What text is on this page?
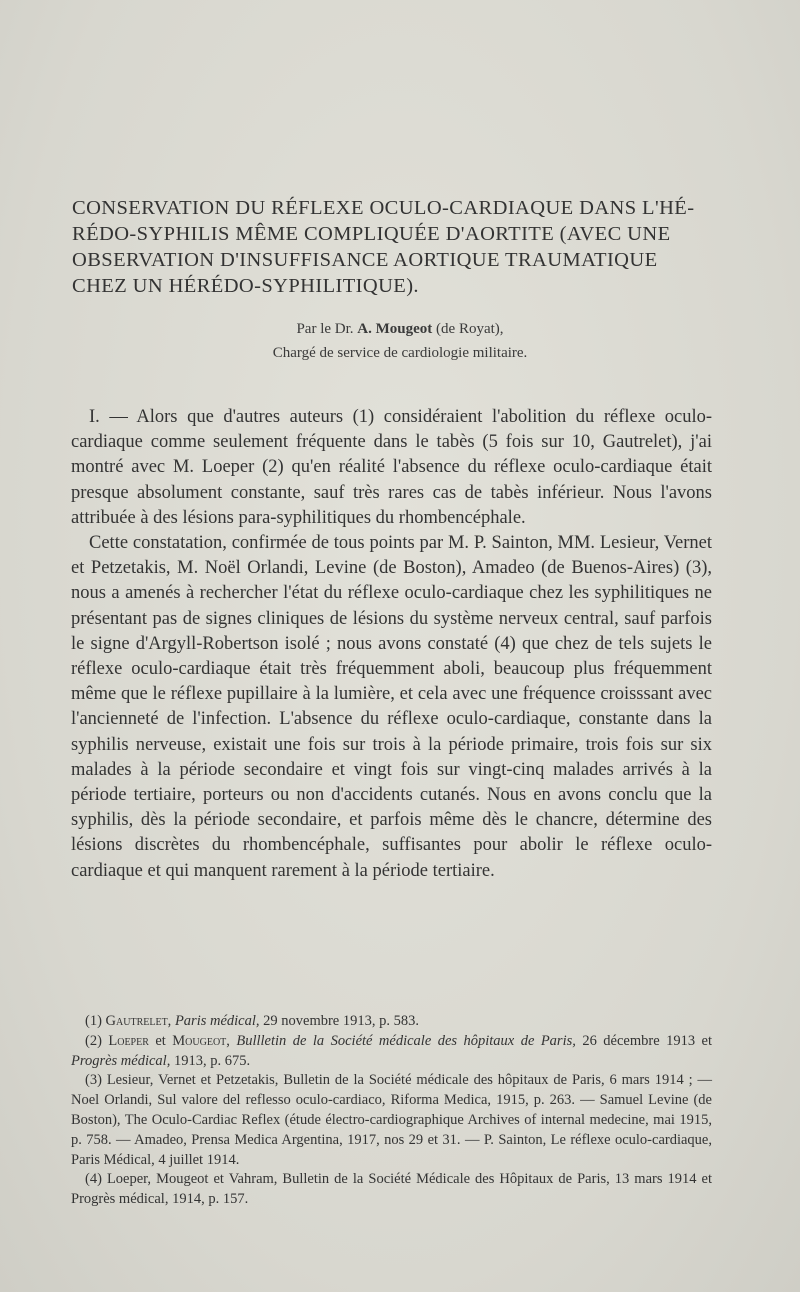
CONSERVATION DU RÉFLEXE OCULO-CARDIAQUE DANS L'HÉ-
RÉDO-SYPHILIS MÊME COMPLIQUÉE D'AORTITE (AVEC UNE
OBSERVATION D'INSUFFISANCE AORTIQUE TRAUMATIQUE
CHEZ UN HÉRÉDO-SYPHILITIQUE).
Par le Dr. A. Mougeot (de Royat),
Chargé de service de cardiologie militaire.

I. — Alors que d'autres auteurs (1) considéraient l'abolition du réflexe oculo-cardiaque comme seulement fréquente dans le tabès (5 fois sur 10, Gautrelet), j'ai montré avec M. Loeper (2) qu'en réalité l'absence du réflexe oculo-cardiaque était presque absolument constante, sauf très rares cas de tabès inférieur. Nous l'avons attribuée à des lésions para-syphilitiques du rhombencéphale.

Cette constatation, confirmée de tous points par M. P. Sainton, MM. Lesieur, Vernet et Petzetakis, M. Noël Orlandi, Levine (de Boston), Amadeo (de Buenos-Aires) (3), nous a amenés à rechercher l'état du réflexe oculo-cardiaque chez les syphilitiques ne présentant pas de signes cliniques de lésions du système nerveux central, sauf parfois le signe d'Argyll-Robertson isolé ; nous avons constaté (4) que chez de tels sujets le réflexe oculo-cardiaque était très fréquemment aboli, beaucoup plus fréquemment même que le réflexe pupillaire à la lumière, et cela avec une fréquence croisssant avec l'ancienneté de l'infection. L'absence du réflexe oculo-cardiaque, constante dans la syphilis nerveuse, existait une fois sur trois à la période primaire, trois fois sur six malades à la période secondaire et vingt fois sur vingt-cinq malades arrivés à la période tertiaire, porteurs ou non d'accidents cutanés. Nous en avons conclu que la syphilis, dès la période secondaire, et parfois même dès le chancre, détermine des lésions discrètes du rhombencéphale, suffisantes pour abolir le réflexe oculo-cardiaque et qui manquent rarement à la période tertiaire.

(1) Gautrelet, Paris médical, 29 novembre 1913, p. 583.

(2) Loeper et Mougeot, Bullletin de la Société médicale des hôpitaux de Paris, 26 décembre 1913 et Progrès médical, 1913, p. 675.

(3) Lesieur, Vernet et Petzetakis, Bulletin de la Société médicale des hôpitaux de Paris, 6 mars 1914 ; — Noel Orlandi, Sul valore del reflesso oculo-cardiaco, Riforma Medica, 1915, p. 263. — Samuel Levine (de Boston), The Oculo-Cardiac Reflex (étude électro-cardiographique Archives of internal medecine, mai 1915, p. 758. — Amadeo, Prensa Medica Argentina, 1917, nos 29 et 31. — P. Sainton, Le réflexe oculo-cardiaque, Paris Médical, 4 juillet 1914.

(4) Loeper, Mougeot et Vahram, Bulletin de la Société Médicale des Hôpitaux de Paris, 13 mars 1914 et Progrès médical, 1914, p. 157.
